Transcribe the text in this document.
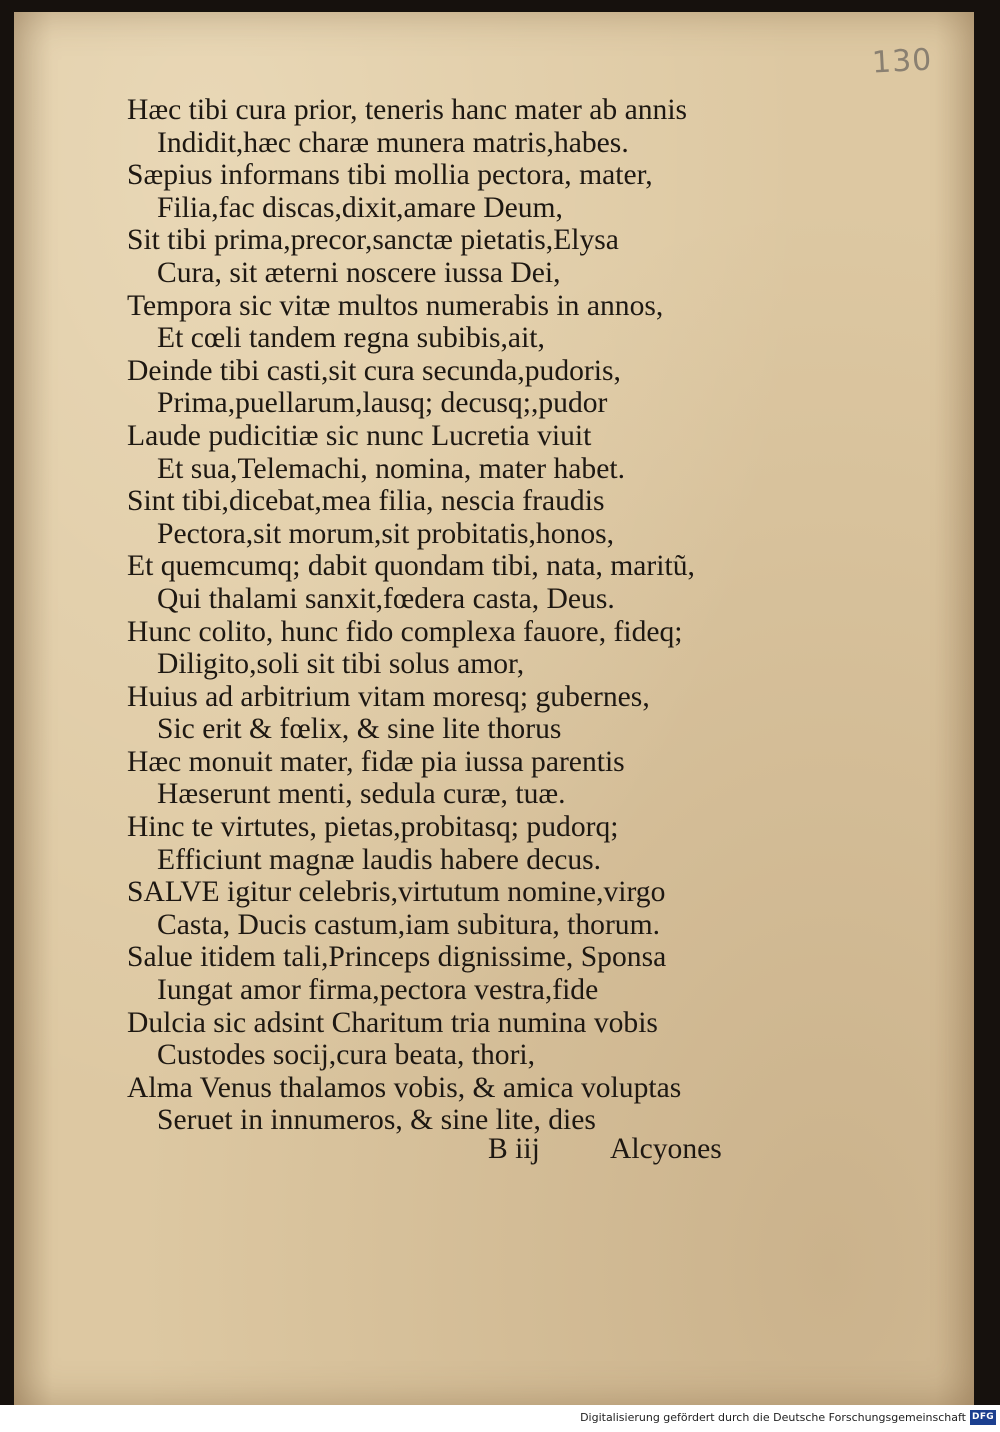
130
Hæc tibi cura prior, teneris hanc mater ab annis
Indidit,hæc charæ munera matris,habes.
Sæpius informans tibi mollia pectora, mater,
Filia,fac discas,dixit,amare Deum,
Sit tibi prima,precor,sanctæ pietatis,Elysa
Cura, sit æterni noscere iussa Dei,
Tempora sic vitæ multos numerabis in annos,
Et cœli tandem regna subibis,ait,
Deinde tibi casti,sit cura secunda,pudoris,
Prima,puellarum,lausq; decusq;,pudor
Laude pudicitiæ sic nunc Lucretia viuit
Et sua,Telemachi, nomina, mater habet.
Sint tibi,dicebat,mea filia, nescia fraudis
Pectora,sit morum,sit probitatis,honos,
Et quemcumq; dabit quondam tibi, nata, maritũ,
Qui thalami sanxit,fœdera casta, Deus.
Hunc colito, hunc fido complexa fauore, fideq;
Diligito,soli sit tibi solus amor,
Huius ad arbitrium vitam moresq; gubernes,
Sic erit & fœlix, & sine lite thorus
Hæc monuit mater, fidæ pia iussa parentis
Hæserunt menti, sedula curæ, tuæ.
Hinc te virtutes, pietas,probitasq; pudorq;
Efficiunt magnæ laudis habere decus.
SALVE igitur celebris,virtutum nomine,virgo
Casta, Ducis castum,iam subitura, thorum.
Salue itidem tali,Princeps dignissime, Sponsa
Iungat amor firma,pectora vestra,fide
Dulcia sic adsint Charitum tria numina vobis
Custodes socij,cura beata, thori,
Alma Venus thalamos vobis, & amica voluptas
Seruet in innumeros, & sine lite, dies
B iij Alcyones
Digitalisierung gefördert durch die Deutsche Forschungsgemeinschaft DFG
